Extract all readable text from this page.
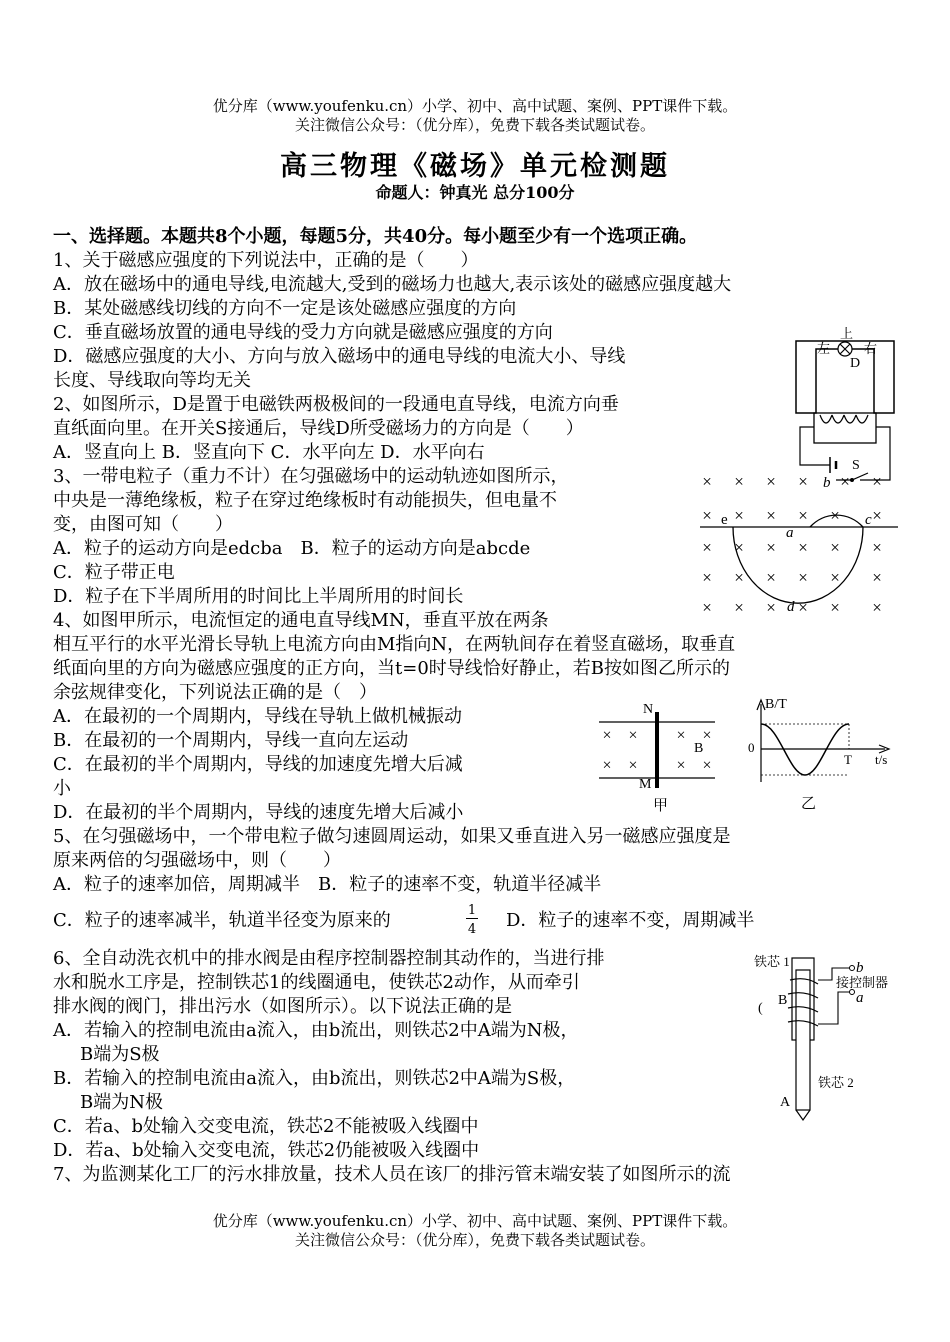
优分库（www.youfenku.cn）小学、初中、高中试题、案例、PPT课件下载。
关注微信公众号：（优分库），免费下载各类试题试卷。
高三物理《磁场》单元检测题
命题人：钟真光 总分100分
一、选择题。本题共8个小题，每题5分，共40分。每小题至少有一个选项正确。
1、关于磁感应强度的下列说法中，正确的是（　　）
A．放在磁场中的通电导线,电流越大,受到的磁场力也越大,表示该处的磁感应强度越大
B．某处磁感线切线的方向不一定是该处磁感应强度的方向
C．垂直磁场放置的通电导线的受力方向就是磁感应强度的方向
D．磁感应强度的大小、方向与放入磁场中的通电导线的电流大小、导线
长度、导线取向等均无关
2、如图所示，D是置于电磁铁两极极间的一段通电直导线，电流方向垂
直纸面向里。在开关S接通后，导线D所受磁场力的方向是（　　）
A．竖直向上 B．竖直向下 C．水平向左 D．水平向右
3、一带电粒子（重力不计）在匀强磁场中的运动轨迹如图所示，
中央是一薄绝缘板，粒子在穿过绝缘板时有动能损失，但电量不
变，由图可知（　　）
A．粒子的运动方向是edcba　B．粒子的运动方向是abcde
C．粒子带正电
D．粒子在下半周所用的时间比上半周所用的时间长
4、如图甲所示，电流恒定的通电直导线MN，垂直平放在两条
相互平行的水平光滑长导轨上电流方向由M指向N，在两轨间存在着竖直磁场，取垂直
纸面向里的方向为磁感应强度的正方向，当t=0时导线恰好静止，若B按如图乙所示的
余弦规律变化，下列说法正确的是（　）
A．在最初的一个周期内，导线在导轨上做机械振动
B．在最初的一个周期内，导线一直向左运动
C．在最初的半个周期内，导线的加速度先增大后减
小
D．在最初的半个周期内，导线的速度先增大后减小
5、在匀强磁场中，一个带电粒子做匀速圆周运动，如果又垂直进入另一磁感应强度是
原来两倍的匀强磁场中，则（　　）
A．粒子的速率加倍，周期减半　B．粒子的速率不变，轨道半径减半
C．粒子的速率减半，轨道半径变为原来的	1
4 D．粒子的速率不变，周期减半
6、全自动洗衣机中的排水阀是由程序控制器控制其动作的，当进行排
水和脱水工序是，控制铁芯1的线圈通电，使铁芯2动作，从而牵引
排水阀的阀门，排出污水（如图所示）。以下说法正确的是
A．若输入的控制电流由a流入，由b流出，则铁芯2中A端为N极，
B端为S极
B．若输入的控制电流由a流入，由b流出，则铁芯2中A端为S极，
B端为N极
C．若a、b处输入交变电流，铁芯2不能被吸入线圈中
D．若a、b处输入交变电流，铁芯2仍能被吸入线圈中
7、为监测某化工厂的污水排放量，技术人员在该厂的排污管末端安装了如图所示的流
上
左	右
D
S
× × × × × ×
× × × × × ×
× × × × × ×
× × × × × ×
× × × × × ×
e	c
a
d
b
× × × ×
× × × ×
N
M
B
甲
B/T
0
t/s
T
乙
铁芯 1	b
接控制器
a
B
(
A
铁芯 2
优分库（www.youfenku.cn）小学、初中、高中试题、案例、PPT课件下载。
关注微信公众号：（优分库），免费下载各类试题试卷。
